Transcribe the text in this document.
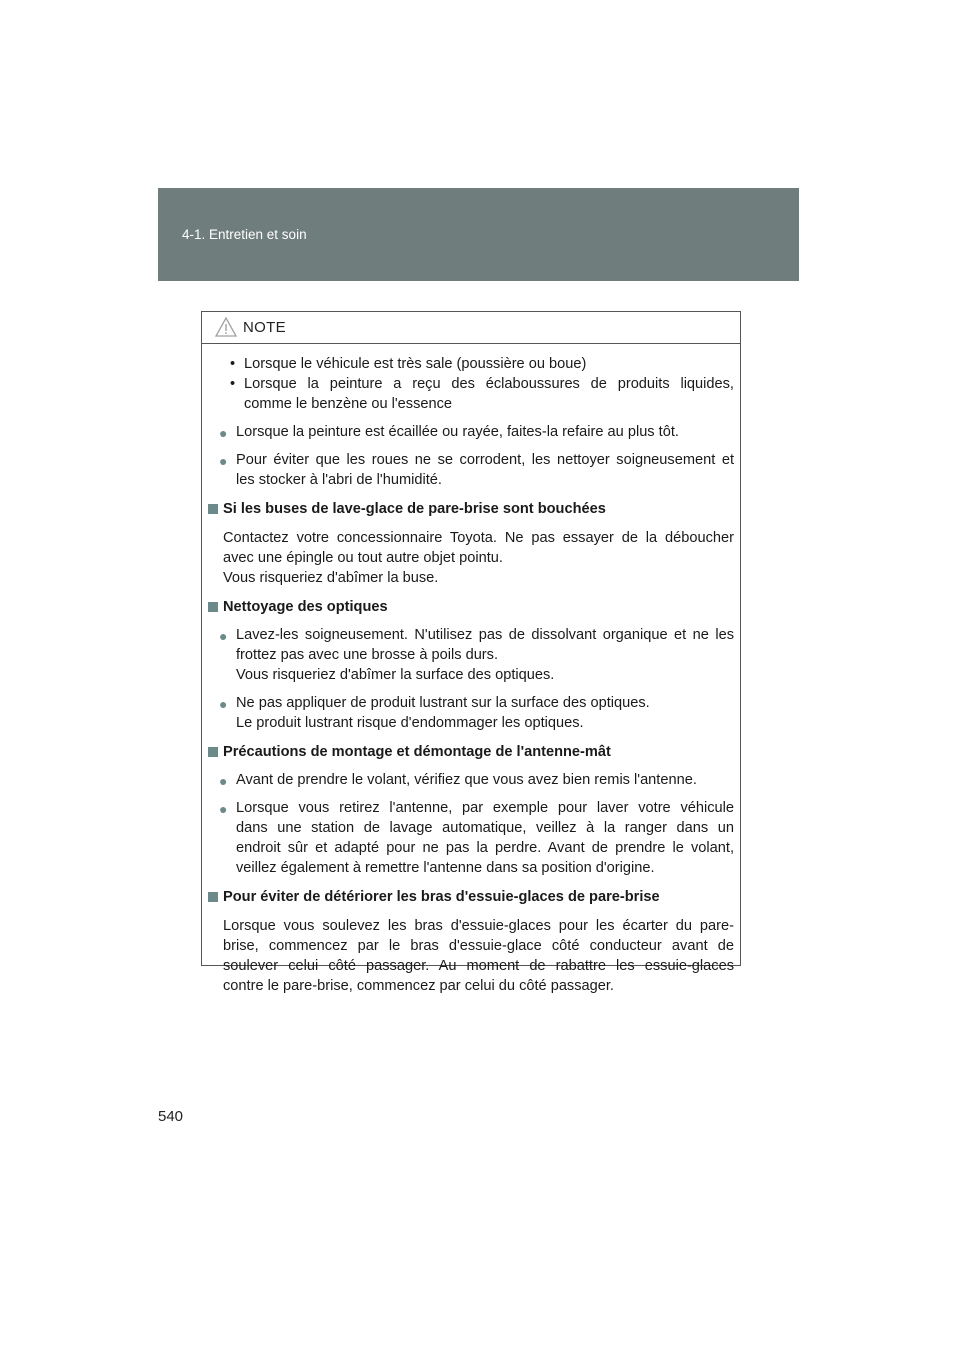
4-1. Entretien et soin
NOTE
• Lorsque le véhicule est très sale (poussière ou boue)
• Lorsque la peinture a reçu des éclaboussures de produits liquides,
comme le benzène ou l'essence
● Lorsque la peinture est écaillée ou rayée, faites-la refaire au plus tôt.
● Pour éviter que les roues ne se corrodent, les nettoyer soigneusement et
les stocker à l'abri de l'humidité.
Si les buses de lave-glace de pare-brise sont bouchées
Contactez votre concessionnaire Toyota. Ne pas essayer de la déboucher
avec une épingle ou tout autre objet pointu.
Vous risqueriez d'abîmer la buse.
Nettoyage des optiques
● Lavez-les soigneusement. N'utilisez pas de dissolvant organique et ne les
frottez pas avec une brosse à poils durs.
Vous risqueriez d'abîmer la surface des optiques.
● Ne pas appliquer de produit lustrant sur la surface des optiques.
Le produit lustrant risque d'endommager les optiques.
Précautions de montage et démontage de l'antenne-mât
● Avant de prendre le volant, vérifiez que vous avez bien remis l'antenne.
● Lorsque vous retirez l'antenne, par exemple pour laver votre véhicule
dans une station de lavage automatique, veillez à la ranger dans un
endroit sûr et adapté pour ne pas la perdre. Avant de prendre le volant,
veillez également à remettre l'antenne dans sa position d'origine.
Pour éviter de détériorer les bras d'essuie-glaces de pare-brise
Lorsque vous soulevez les bras d'essuie-glaces pour les écarter du pare-
brise, commencez par le bras d'essuie-glace côté conducteur avant de
soulever celui côté passager. Au moment de rabattre les essuie-glaces
contre le pare-brise, commencez par celui du côté passager.
540
